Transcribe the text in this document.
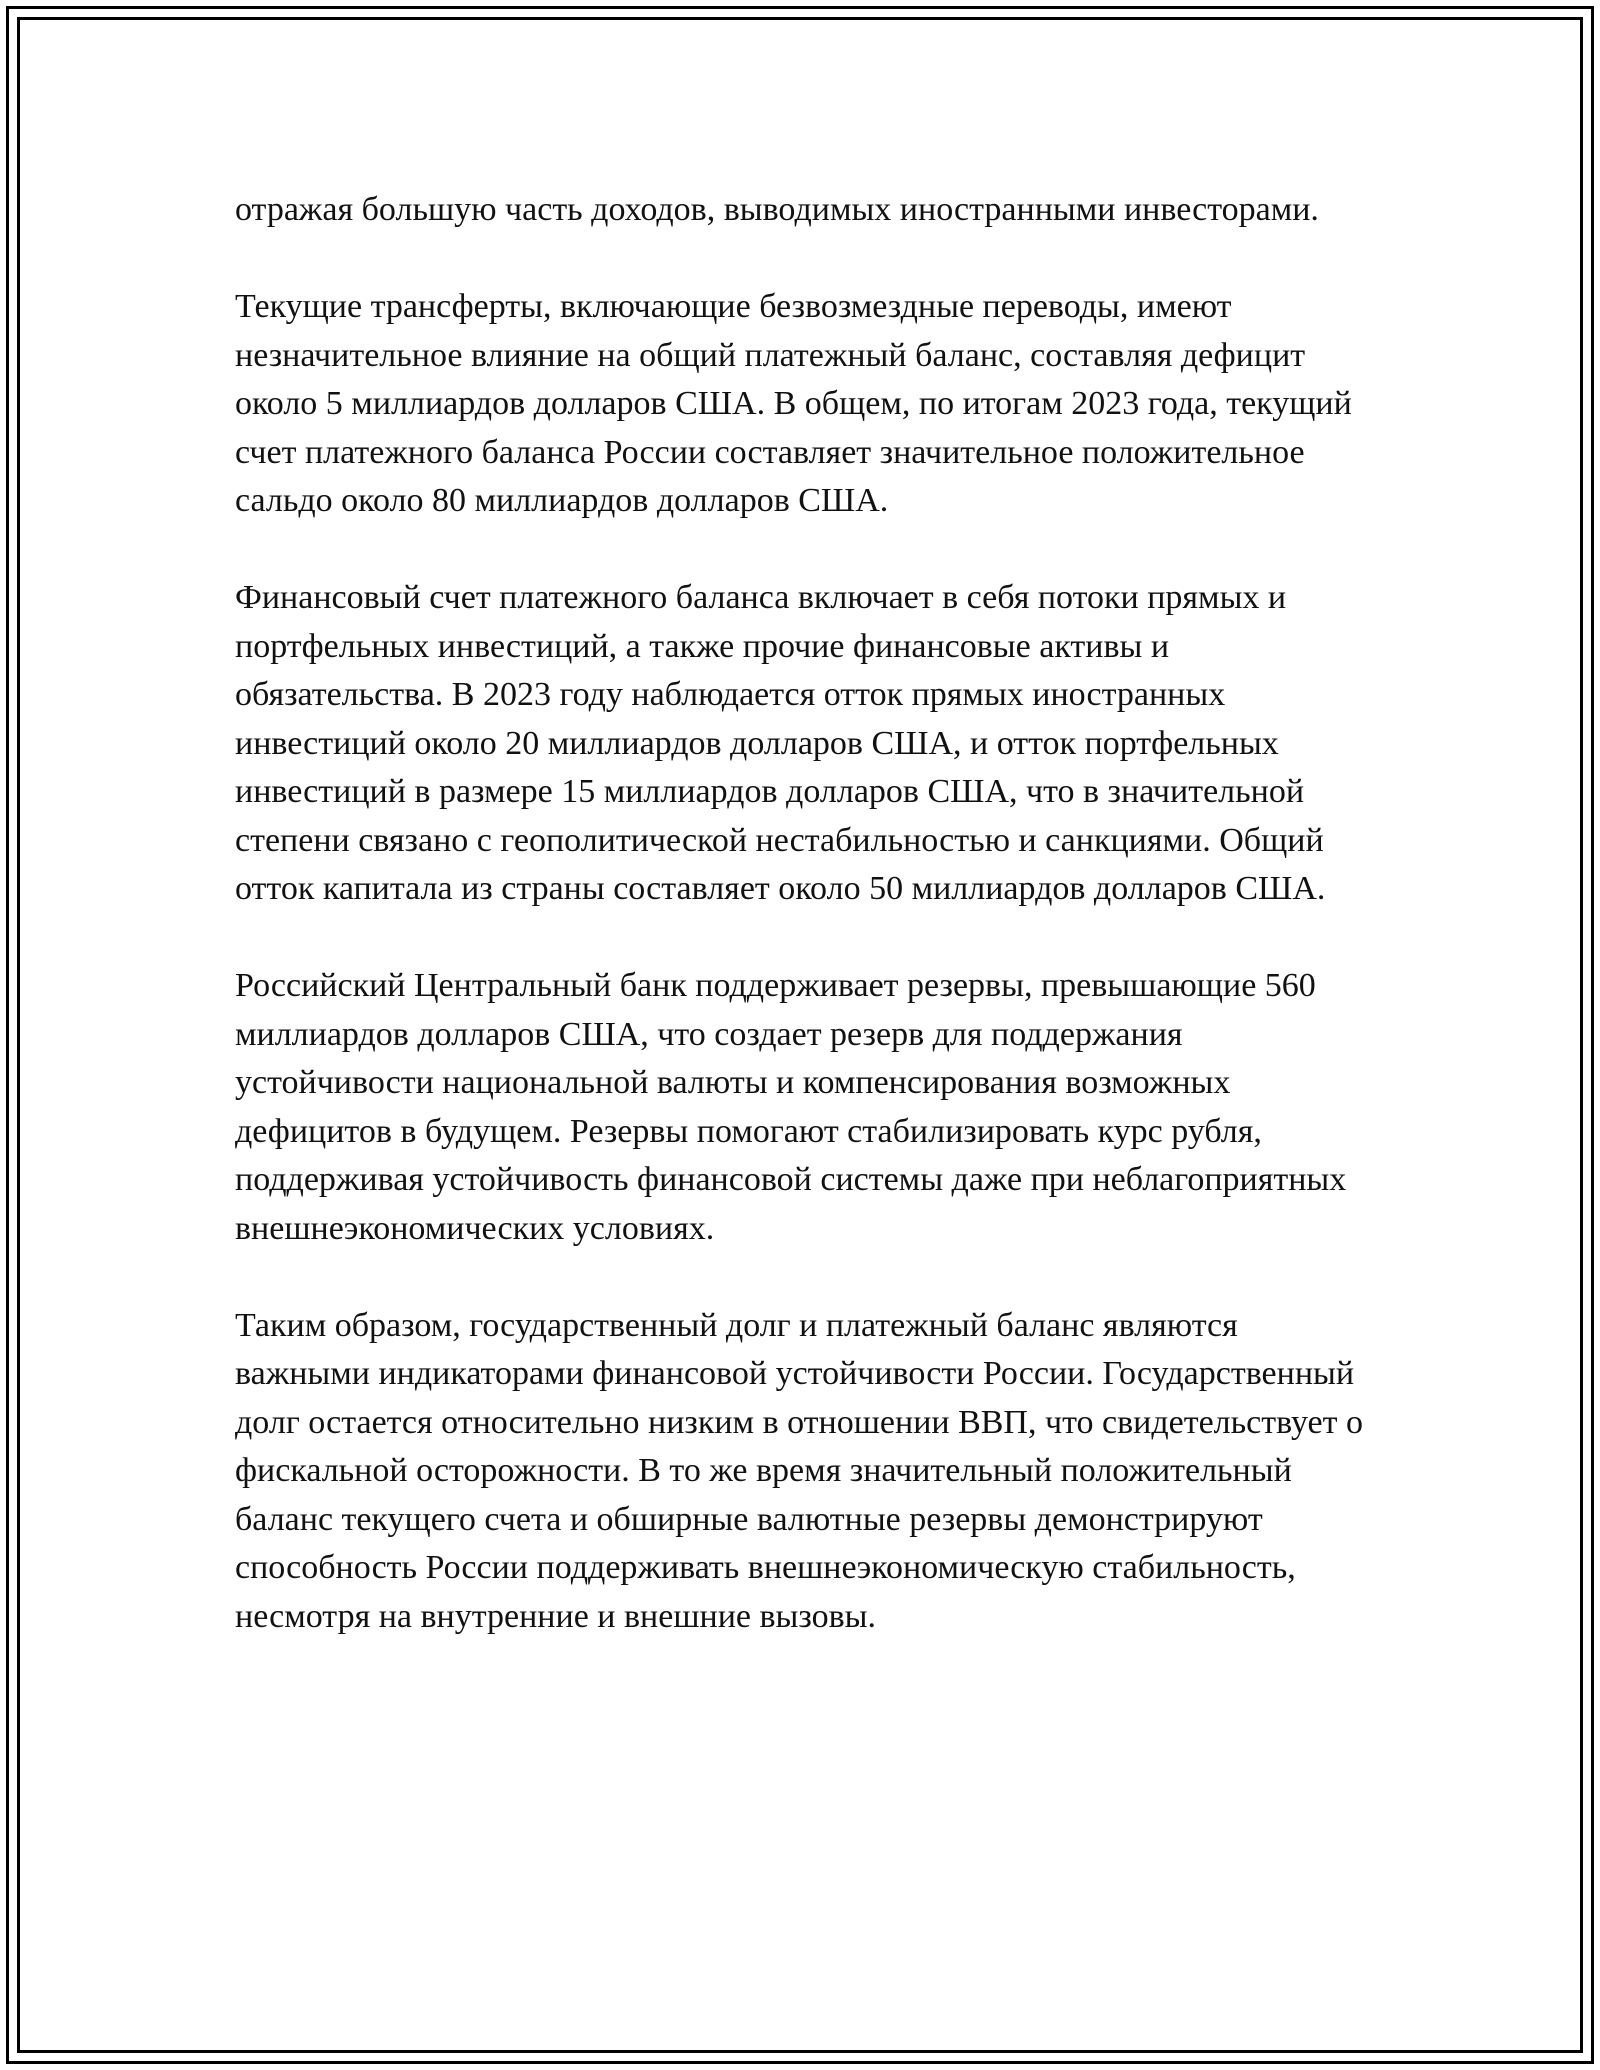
отражая большую часть доходов, выводимых иностранными инвесторами.

Текущие трансферты, включающие безвозмездные переводы, имеют незначительное влияние на общий платежный баланс, составляя дефицит около 5 миллиардов долларов США. В общем, по итогам 2023 года, текущий счет платежного баланса России составляет значительное положительное сальдо около 80 миллиардов долларов США.

Финансовый счет платежного баланса включает в себя потоки прямых и портфельных инвестиций, а также прочие финансовые активы и обязательства. В 2023 году наблюдается отток прямых иностранных инвестиций около 20 миллиардов долларов США, и отток портфельных инвестиций в размере 15 миллиардов долларов США, что в значительной степени связано с геополитической нестабильностью и санкциями. Общий отток капитала из страны составляет около 50 миллиардов долларов США.

Российский Центральный банк поддерживает резервы, превышающие 560 миллиардов долларов США, что создает резерв для поддержания устойчивости национальной валюты и компенсирования возможных дефицитов в будущем. Резервы помогают стабилизировать курс рубля, поддерживая устойчивость финансовой системы даже при неблагоприятных внешнеэкономических условиях.

Таким образом, государственный долг и платежный баланс являются важными индикаторами финансовой устойчивости России. Государственный долг остается относительно низким в отношении ВВП, что свидетельствует о фискальной осторожности. В то же время значительный положительный баланс текущего счета и обширные валютные резервы демонстрируют способность России поддерживать внешнеэкономическую стабильность, несмотря на внутренние и внешние вызовы.
